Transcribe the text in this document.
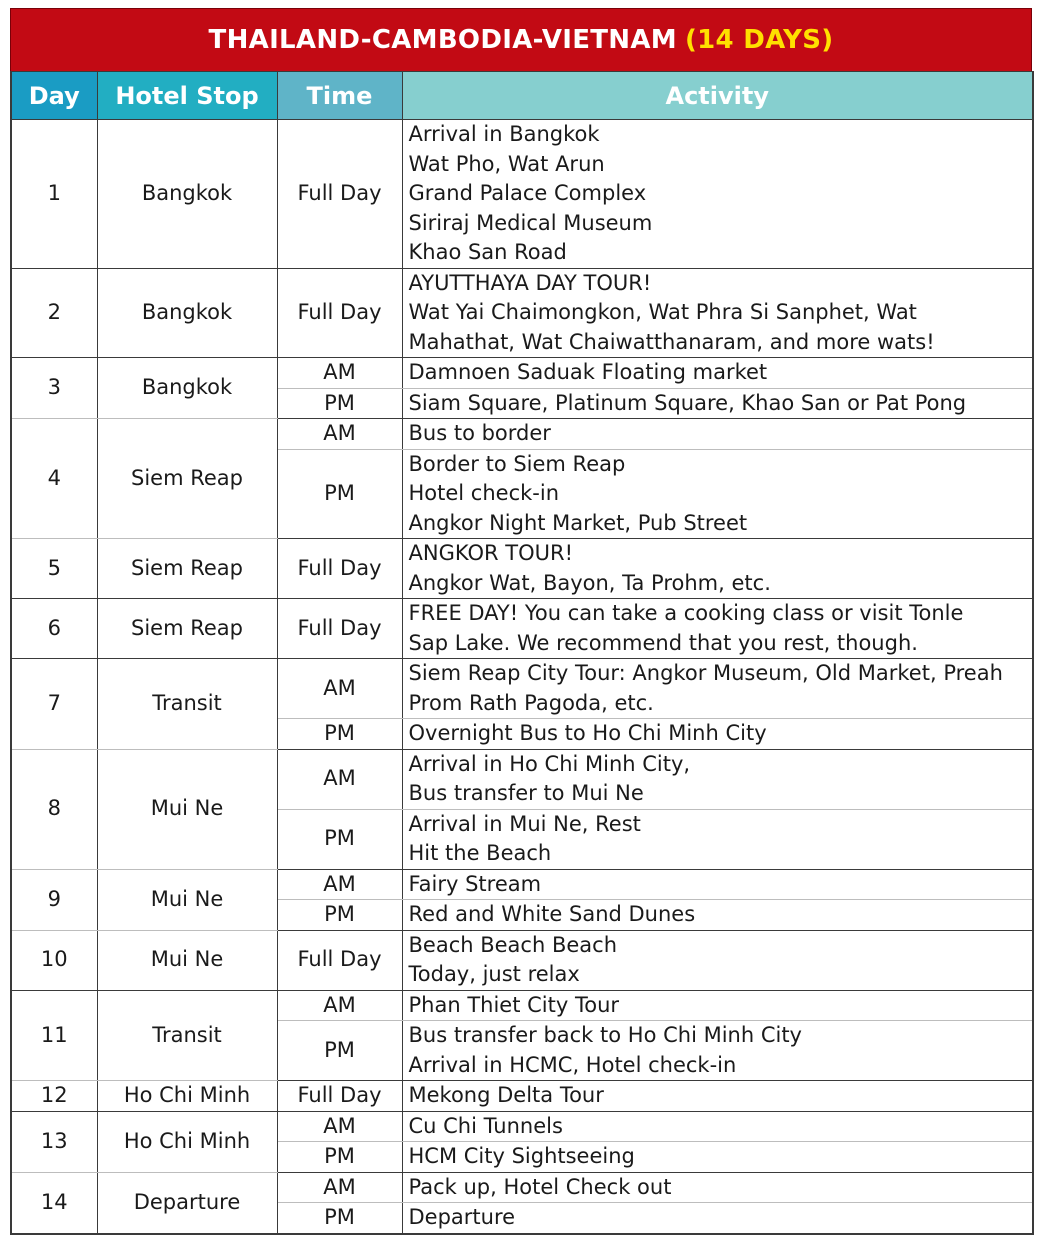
THAILAND-CAMBODIA-VIETNAM (14 DAYS)
Day	Hotel Stop	Time	Activity
1	Bangkok	Full Day	Arrival in Bangkok
Wat Pho, Wat Arun
Grand Palace Complex
Siriraj Medical Museum
Khao San Road

2	Bangkok	Full Day	AYUTTHAYA DAY TOUR!
Wat Yai Chaimongkon, Wat Phra Si Sanphet, Wat
Mahathat, Wat Chaiwatthanaram, and more wats!

3	Bangkok	AM	Damnoen Saduak Floating market

		PM	Siam Square, Platinum Square, Khao San or Pat Pong

4	Siem Reap	AM	Bus to border

		PM	Border to Siem Reap
Hotel check-in
Angkor Night Market, Pub Street

5	Siem Reap	Full Day	ANGKOR TOUR!
Angkor Wat, Bayon, Ta Prohm, etc.

6	Siem Reap	Full Day	FREE DAY! You can take a cooking class or visit Tonle
Sap Lake. We recommend that you rest, though.

7	Transit	AM	Siem Reap City Tour: Angkor Museum, Old Market, Preah
Prom Rath Pagoda, etc.

		PM	Overnight Bus to Ho Chi Minh City

8	Mui Ne	AM	Arrival in Ho Chi Minh City,
Bus transfer to Mui Ne

		PM	Arrival in Mui Ne, Rest
Hit the Beach

9	Mui Ne	AM	Fairy Stream

		PM	Red and White Sand Dunes

10	Mui Ne	Full Day	Beach Beach Beach
Today, just relax

11	Transit	AM	Phan Thiet City Tour

		PM	Bus transfer back to Ho Chi Minh City
Arrival in HCMC, Hotel check-in

12	Ho Chi Minh	Full Day	Mekong Delta Tour

13	Ho Chi Minh	AM	Cu Chi Tunnels

		PM	HCM City Sightseeing

14	Departure	AM	Pack up, Hotel Check out

		PM	Departure
